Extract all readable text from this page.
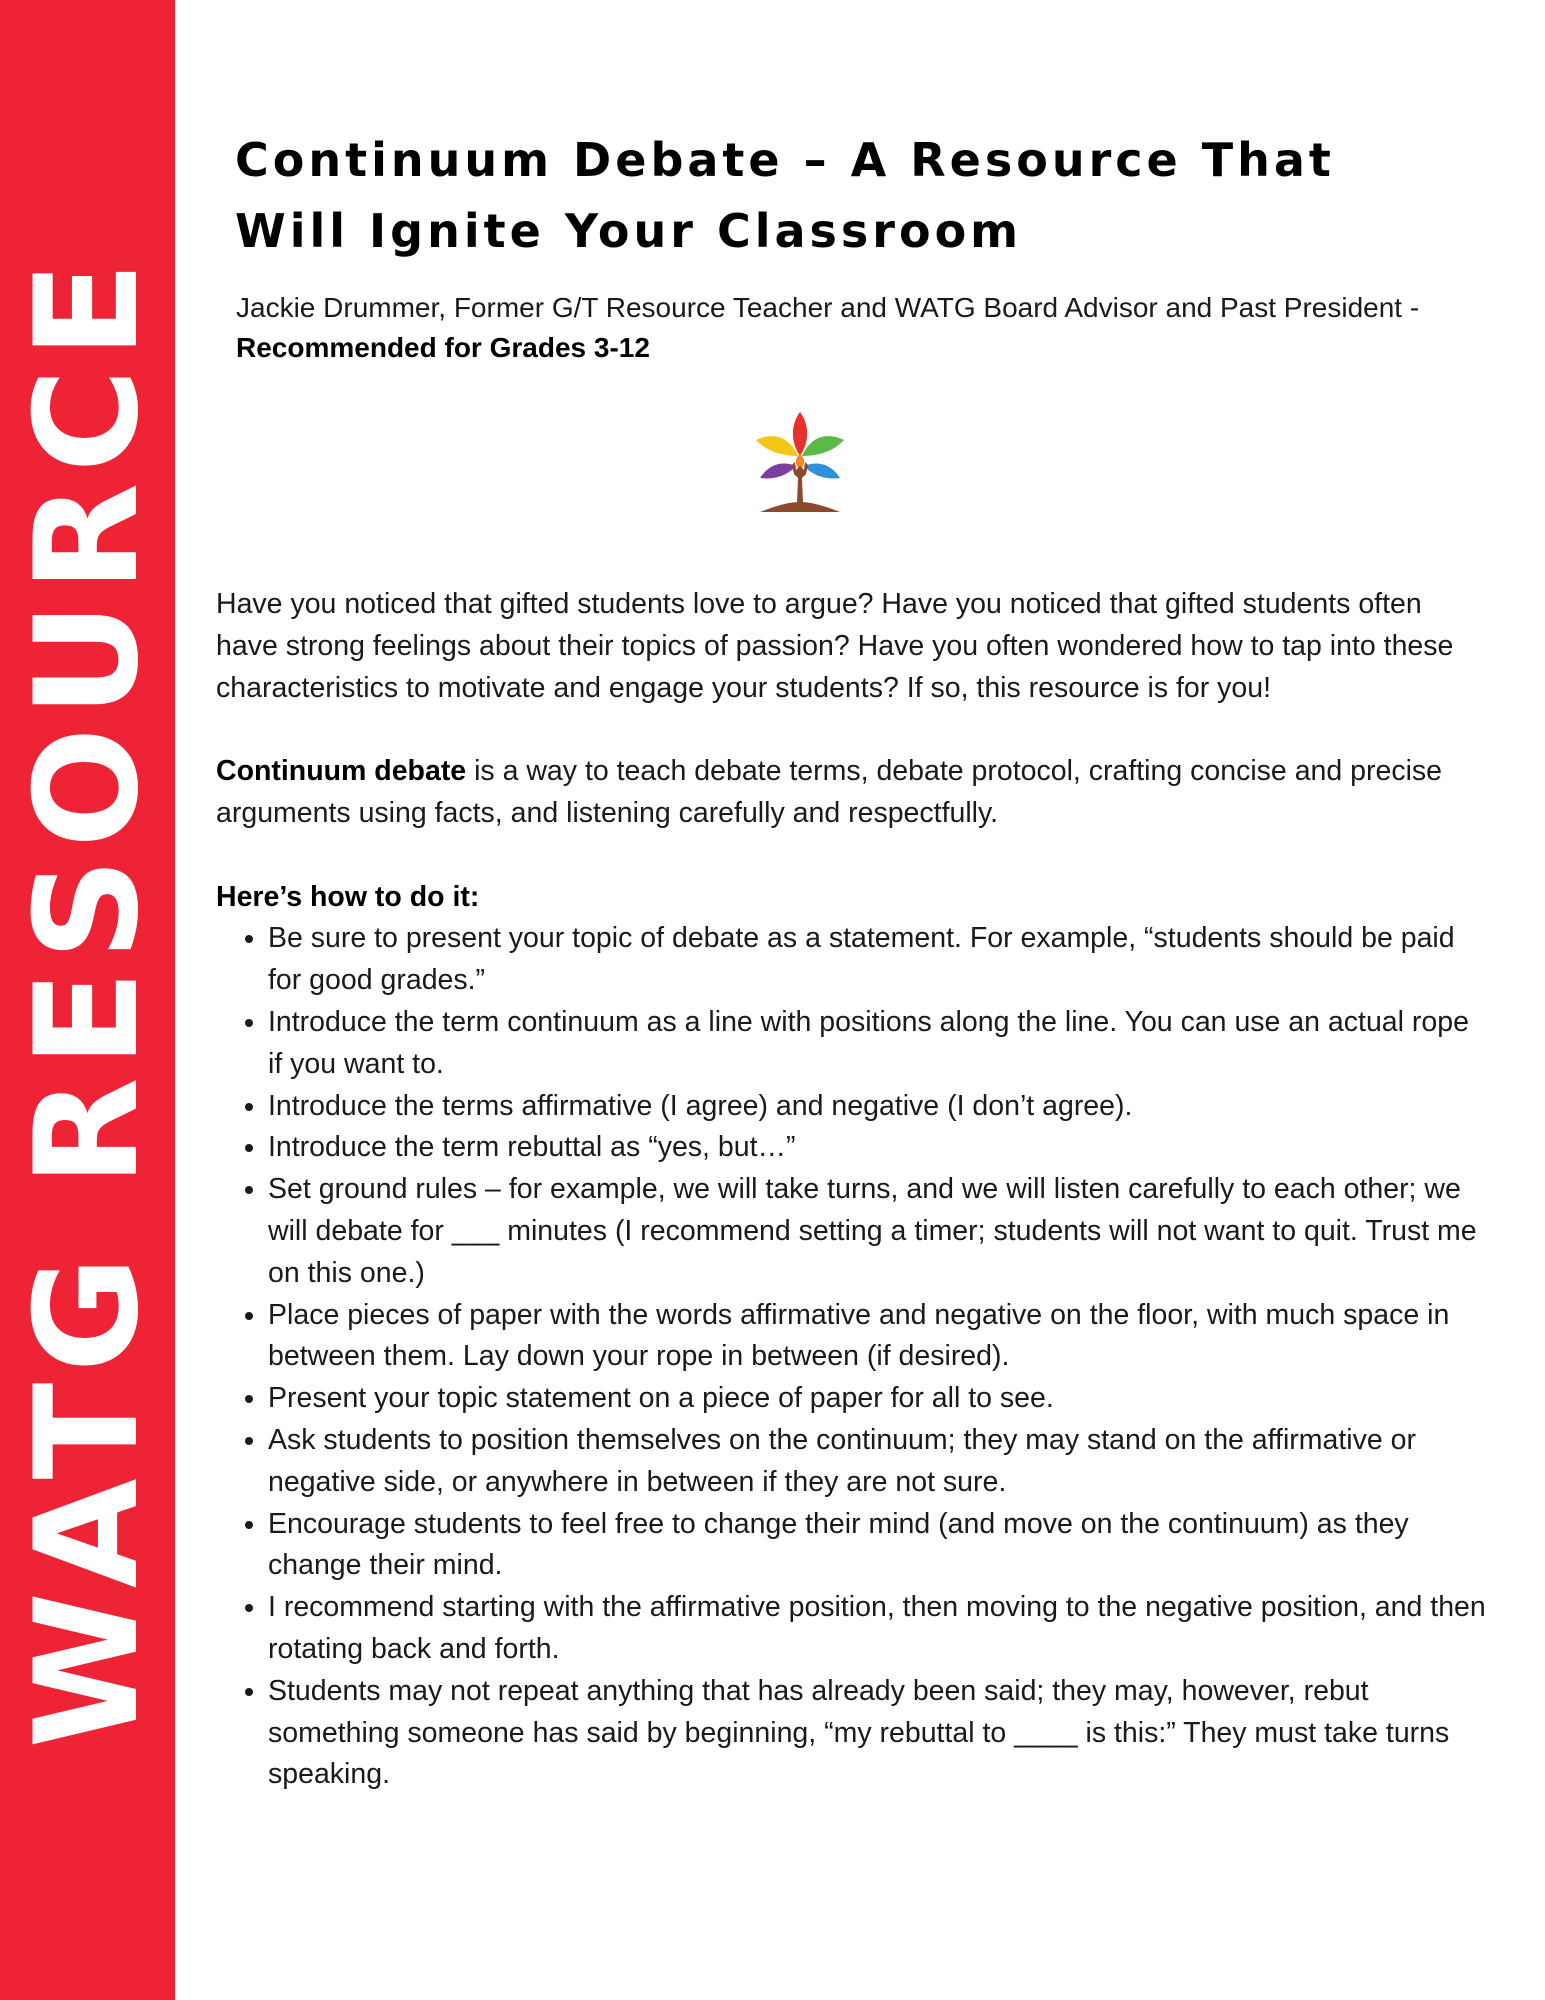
WATG RESOURCE
Continuum Debate – A Resource That Will Ignite Your Classroom

Jackie Drummer, Former G/T Resource Teacher and WATG Board Advisor and Past President - Recommended for Grades 3-12

Have you noticed that gifted students love to argue? Have you noticed that gifted students often have strong feelings about their topics of passion? Have you often wondered how to tap into these characteristics to motivate and engage your students? If so, this resource is for you!

Continuum debate is a way to teach debate terms, debate protocol, crafting concise and precise arguments using facts, and listening carefully and respectfully.

Here’s how to do it:

• Be sure to present your topic of debate as a statement. For example, “students should be paid for good grades.”
• Introduce the term continuum as a line with positions along the line. You can use an actual rope if you want to.
• Introduce the terms affirmative (I agree) and negative (I don’t agree).
• Introduce the term rebuttal as “yes, but…”
• Set ground rules – for example, we will take turns, and we will listen carefully to each other; we will debate for ___ minutes (I recommend setting a timer; students will not want to quit. Trust me on this one.)
• Place pieces of paper with the words affirmative and negative on the floor, with much space in between them. Lay down your rope in between (if desired).
• Present your topic statement on a piece of paper for all to see.
• Ask students to position themselves on the continuum; they may stand on the affirmative or negative side, or anywhere in between if they are not sure.
• Encourage students to feel free to change their mind (and move on the continuum) as they change their mind.
• I recommend starting with the affirmative position, then moving to the negative position, and then rotating back and forth.
• Students may not repeat anything that has already been said; they may, however, rebut something someone has said by beginning, “my rebuttal to ____ is this:” They must take turns speaking.
